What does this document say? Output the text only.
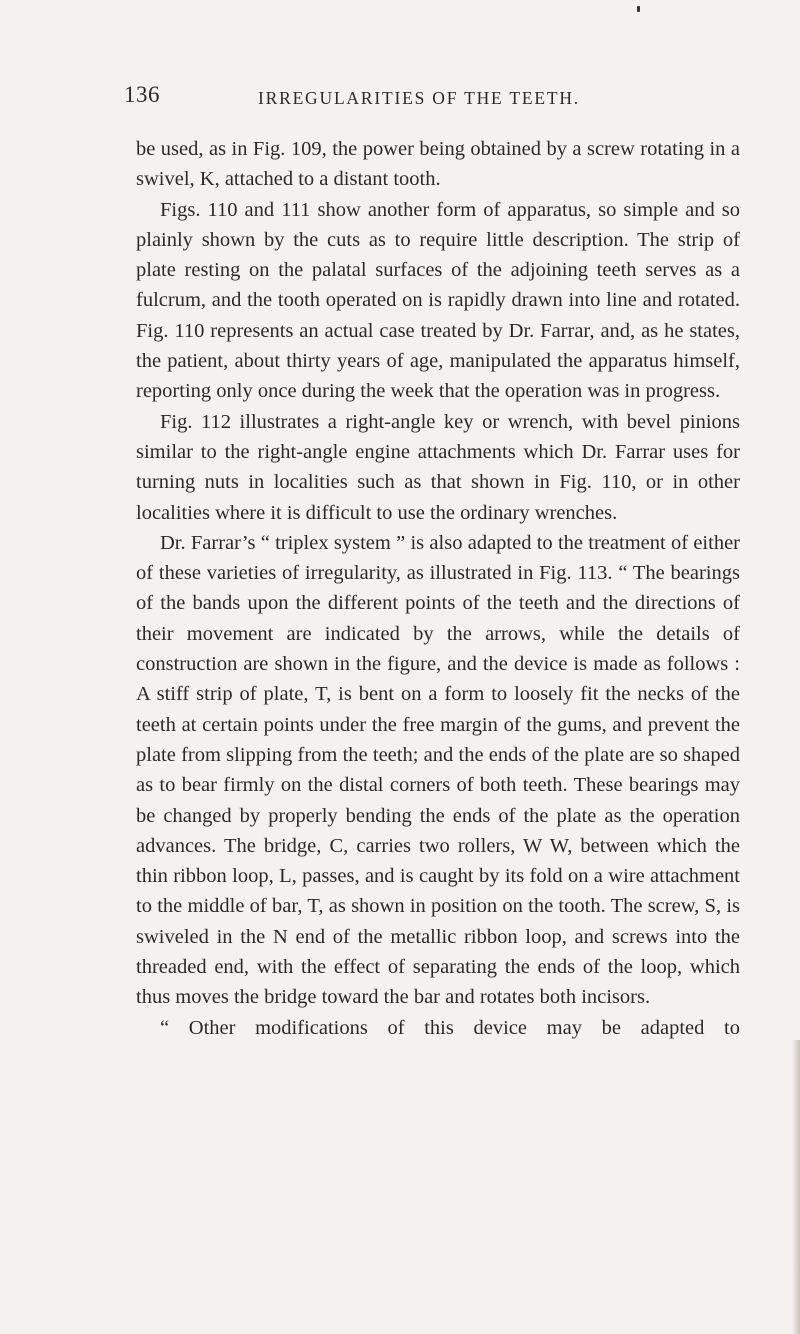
136	IRREGULARITIES OF THE TEETH.

be used, as in Fig. 109, the power being obtained by a screw rotating in a swivel, K, attached to a distant tooth.

Figs. 110 and 111 show another form of apparatus, so simple and so plainly shown by the cuts as to require little description. The strip of plate resting on the palatal surfaces of the adjoining teeth serves as a fulcrum, and the tooth operated on is rapidly drawn into line and rotated. Fig. 110 represents an actual case treated by Dr. Farrar, and, as he states, the patient, about thirty years of age, manipulated the apparatus himself, reporting only once during the week that the operation was in progress.

Fig. 112 illustrates a right-angle key or wrench, with bevel pinions similar to the right-angle engine attachments which Dr. Farrar uses for turning nuts in localities such as that shown in Fig. 110, or in other localities where it is difficult to use the ordinary wrenches.

Dr. Farrar’s “ triplex system ” is also adapted to the treatment of either of these varieties of irregularity, as illustrated in Fig. 113. “ The bearings of the bands upon the different points of the teeth and the directions of their movement are indicated by the arrows, while the details of construction are shown in the figure, and the device is made as follows : A stiff strip of plate, T, is bent on a form to loosely fit the necks of the teeth at certain points under the free margin of the gums, and prevent the plate from slipping from the teeth; and the ends of the plate are so shaped as to bear firmly on the distal corners of both teeth. These bearings may be changed by properly bending the ends of the plate as the operation advances. The bridge, C, carries two rollers, W W, between which the thin ribbon loop, L, passes, and is caught by its fold on a wire attachment to the middle of bar, T, as shown in position on the tooth. The screw, S, is swiveled in the N end of the metallic ribbon loop, and screws into the threaded end, with the effect of separating the ends of the loop, which thus moves the bridge toward the bar and rotates both incisors.

“ Other modifications of this device may be adapted to
